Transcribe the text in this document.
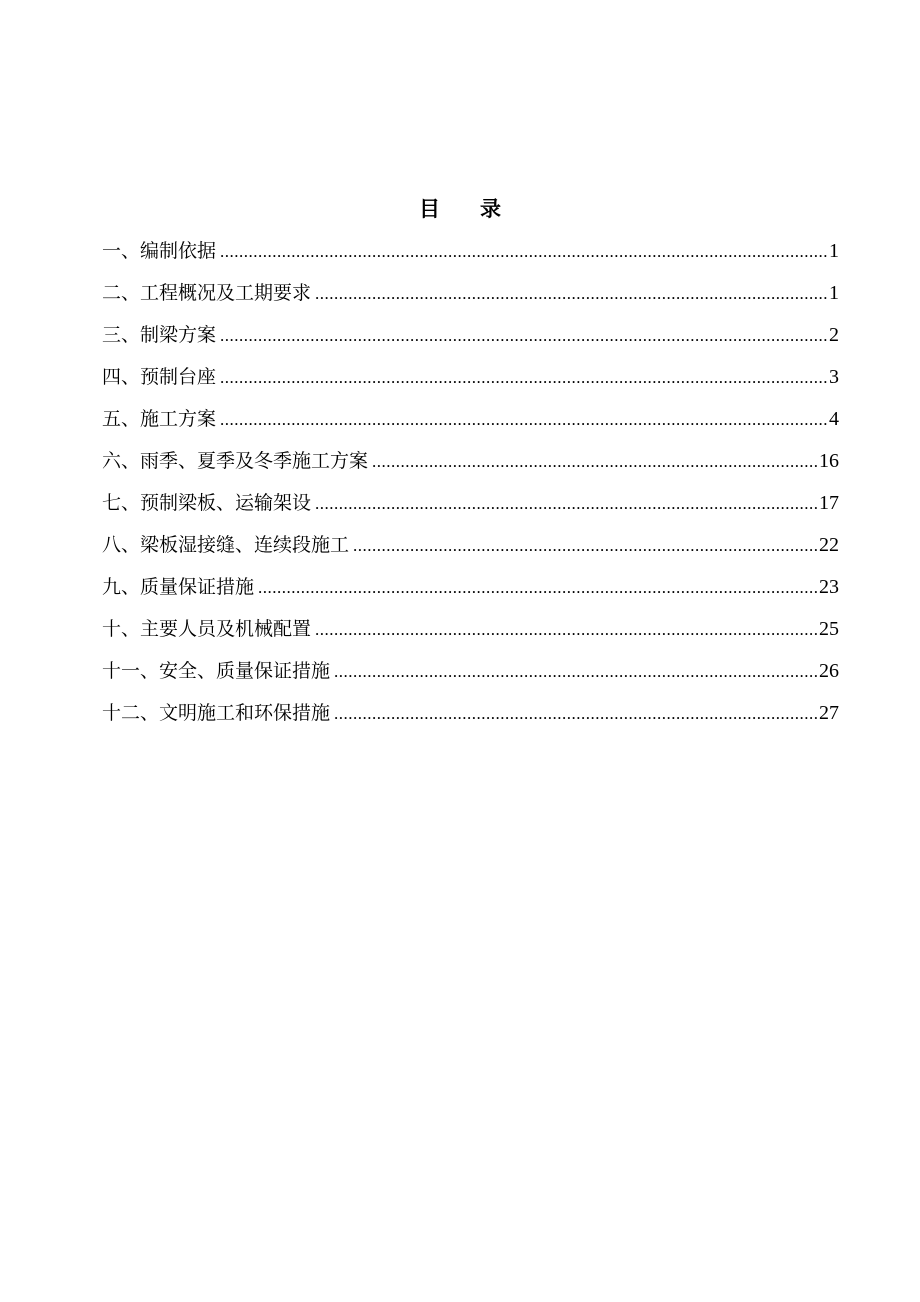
目 录
一、编制依据 .....	1
二、工程概况及工期要求 .....	1
三、制梁方案 .....	2
四、预制台座 .....	3
五、施工方案 .....	4
六、雨季、夏季及冬季施工方案 .....	16
七、预制梁板、运输架设 .....	17
八、梁板湿接缝、连续段施工 .....	22
九、质量保证措施 .....	23
十、主要人员及机械配置 .....	25
十一、安全、质量保证措施 .....	26
十二、文明施工和环保措施 .....	27
